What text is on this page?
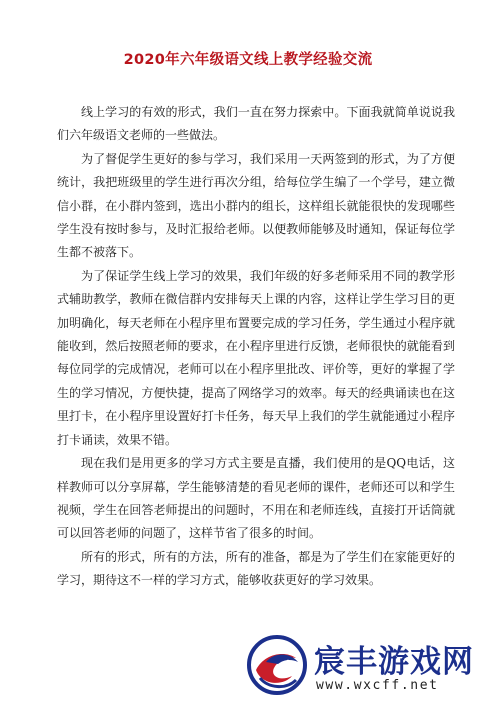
2020年六年级语文线上教学经验交流

线上学习的有效的形式，我们一直在努力探索中。下面我就简单说说我们六年级语文老师的一些做法。

为了督促学生更好的参与学习，我们采用一天两签到的形式，为了方便统计，我把班级里的学生进行再次分组，给每位学生编了一个学号，建立微信小群，在小群内签到，选出小群内的组长，这样组长就能很快的发现哪些学生没有按时参与，及时汇报给老师。以便教师能够及时通知，保证每位学生都不被落下。

为了保证学生线上学习的效果，我们年级的好多老师采用不同的教学形式辅助教学，教师在微信群内安排每天上课的内容，这样让学生学习目的更加明确化，每天老师在小程序里布置要完成的学习任务，学生通过小程序就能收到，然后按照老师的要求，在小程序里进行反馈，老师很快的就能看到每位同学的完成情况，老师可以在小程序里批改、评价等，更好的掌握了学生的学习情况，方便快捷，提高了网络学习的效率。每天的经典诵读也在这里打卡，在小程序里设置好打卡任务，每天早上我们的学生就能通过小程序打卡诵读，效果不错。

现在我们是用更多的学习方式主要是直播，我们使用的是QQ电话，这样教师可以分享屏幕，学生能够清楚的看见老师的课件，老师还可以和学生视频，学生在回答老师提出的问题时，不用在和老师连线，直接打开话筒就可以回答老师的问题了，这样节省了很多的时间。

所有的形式，所有的方法，所有的准备，都是为了学生们在家能更好的学习，期待这不一样的学习方式，能够收获更好的学习效果。

宸丰游戏网
www.wxcff.net
